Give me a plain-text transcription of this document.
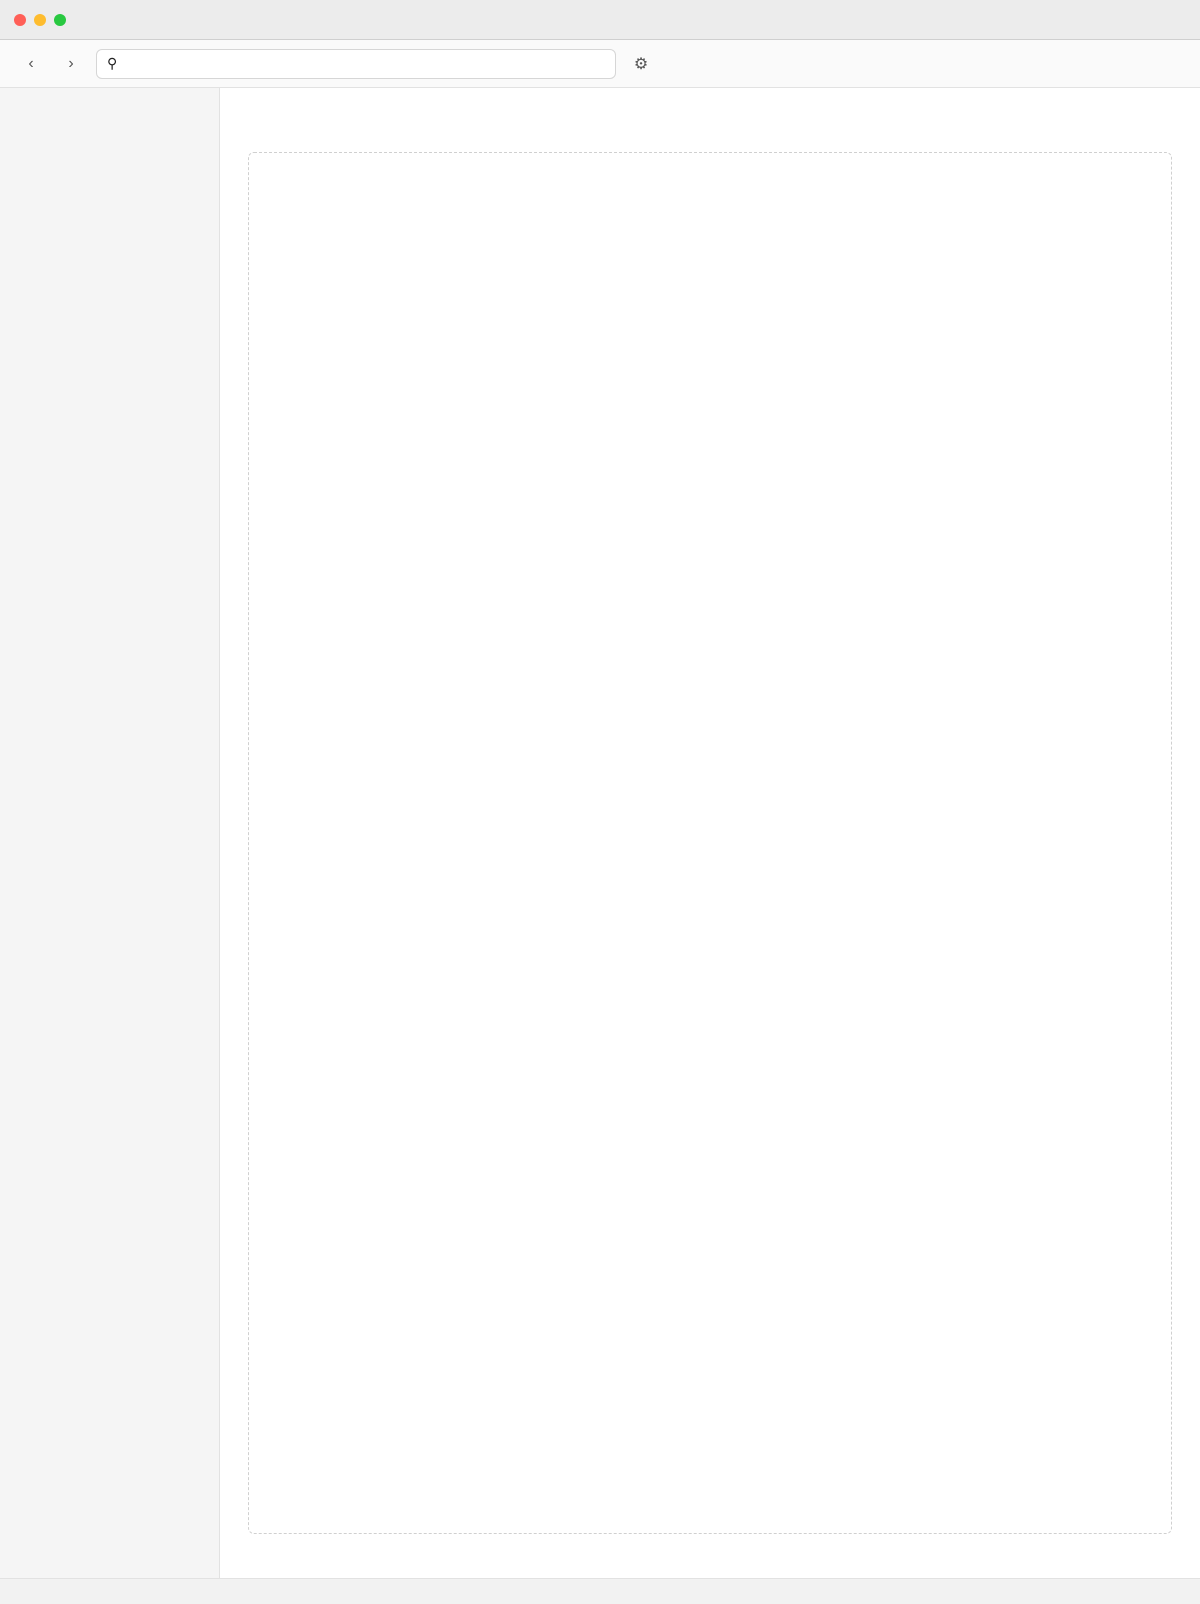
‹	›	⚲	⚙
